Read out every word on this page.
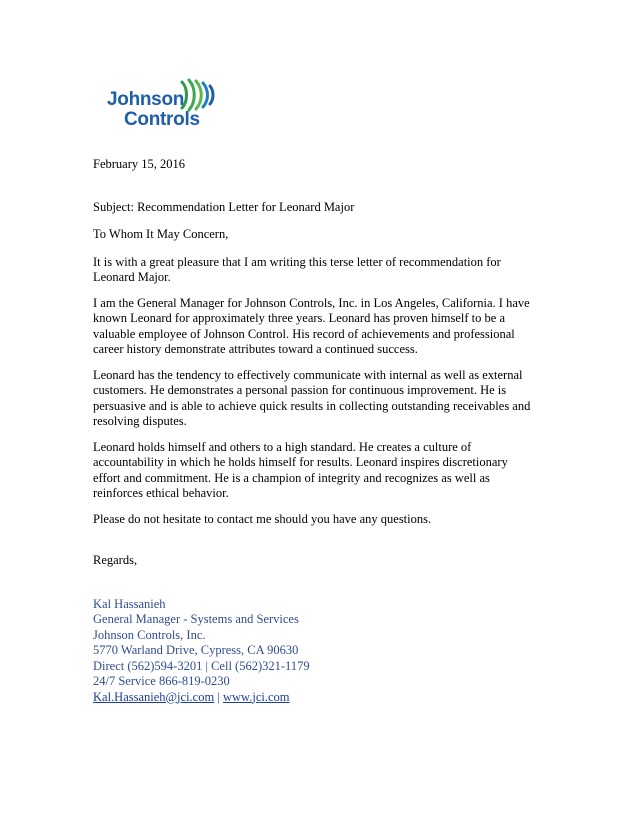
Johnson
Controls

February 15, 2016

Subject: Recommendation Letter for Leonard Major

To Whom It May Concern,

It is with a great pleasure that I am writing this terse letter of recommendation for Leonard Major.

I am the General Manager for Johnson Controls, Inc. in Los Angeles, California. I have known Leonard for approximately three years. Leonard has proven himself to be a valuable employee of Johnson Control. His record of achievements and professional career history demonstrate attributes toward a continued success.

Leonard has the tendency to effectively communicate with internal as well as external customers. He demonstrates a personal passion for continuous improvement. He is persuasive and is able to achieve quick results in collecting outstanding receivables and resolving disputes.

Leonard holds himself and others to a high standard. He creates a culture of accountability in which he holds himself for results. Leonard inspires discretionary effort and commitment. He is a champion of integrity and recognizes as well as reinforces ethical behavior.

Please do not hesitate to contact me should you have any questions.

Regards,

Kal Hassanieh

General Manager - Systems and Services

Johnson Controls, Inc.

5770 Warland Drive, Cypress, CA 90630

Direct (562)594-3201 | Cell (562)321-1179

24/7 Service 866-819-0230

Kal.Hassanieh@jci.com | www.jci.com
